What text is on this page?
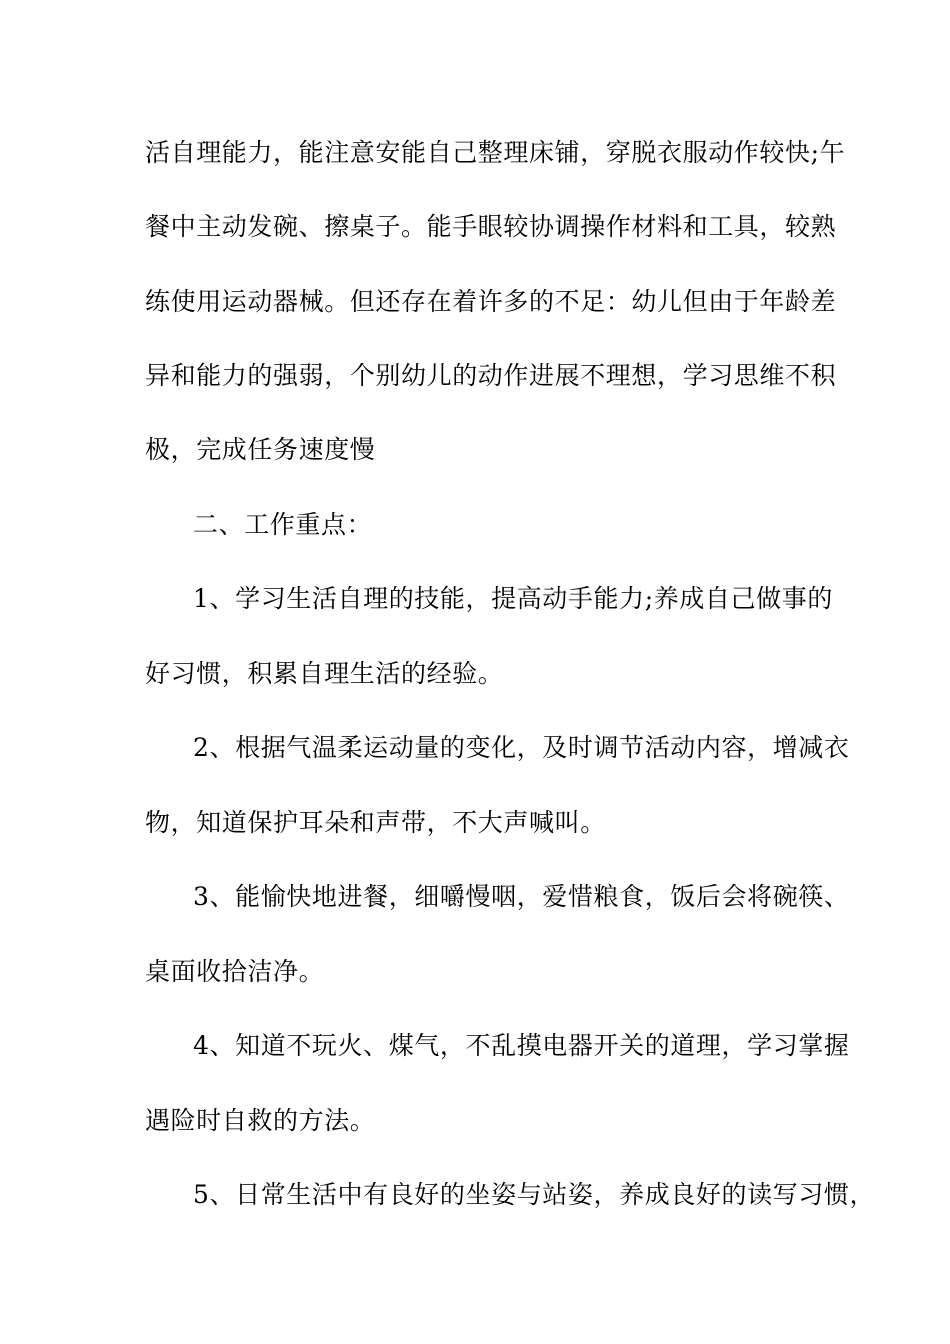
活自理能力，能注意安能自己整理床铺，穿脱衣服动作较快;午
餐中主动发碗、擦桌子。能手眼较协调操作材料和工具，较熟
练使用运动器械。但还存在着许多的不足：幼儿但由于年龄差
异和能力的强弱，个别幼儿的动作进展不理想，学习思维不积
极，完成任务速度慢
二、工作重点：
1、学习生活自理的技能，提高动手能力;养成自己做事的
好习惯，积累自理生活的经验。
2、根据气温柔运动量的变化，及时调节活动内容，增减衣
物，知道保护耳朵和声带，不大声喊叫。
3、能愉快地进餐，细嚼慢咽，爱惜粮食，饭后会将碗筷、
桌面收拾洁净。
4、知道不玩火、煤气，不乱摸电器开关的道理，学习掌握
遇险时自救的方法。
5、日常生活中有良好的坐姿与站姿，养成良好的读写习惯，
